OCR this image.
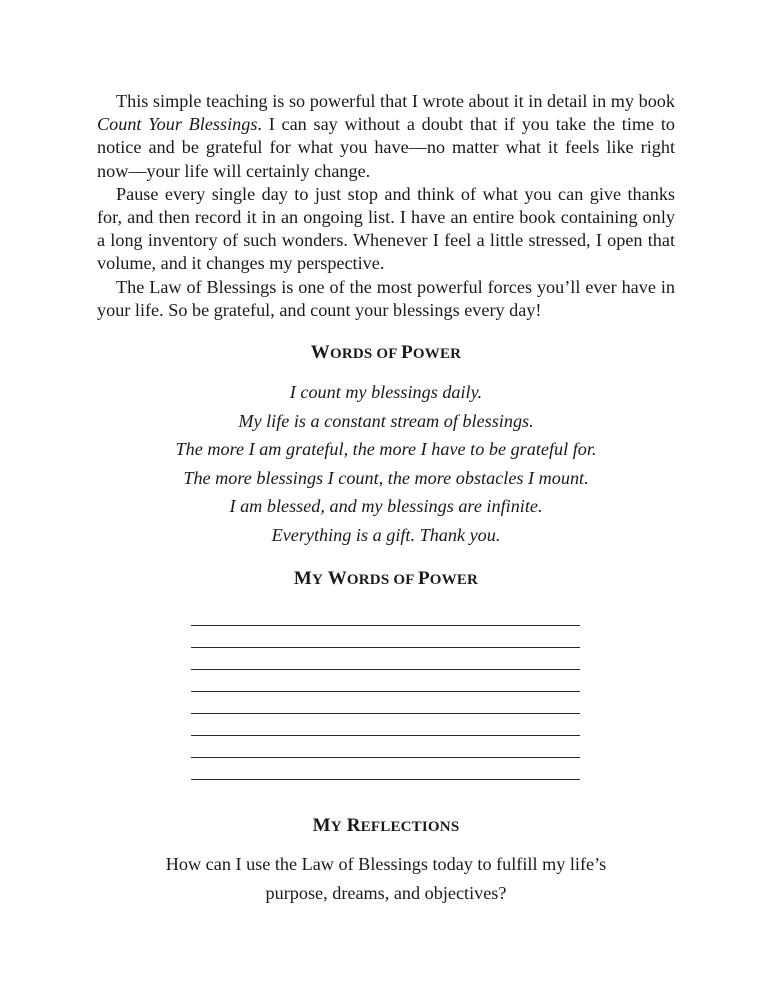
This simple teaching is so powerful that I wrote about it in detail in my book Count Your Blessings. I can say without a doubt that if you take the time to notice and be grateful for what you have—no matter what it feels like right now—your life will certainly change.

Pause every single day to just stop and think of what you can give thanks for, and then record it in an ongoing list. I have an entire book containing only a long inventory of such wonders. Whenever I feel a little stressed, I open that volume, and it changes my perspective.

The Law of Blessings is one of the most powerful forces you’ll ever have in your life. So be grateful, and count your blessings every day!

WORDS OF POWER
I count my blessings daily.
My life is a constant stream of blessings.
The more I am grateful, the more I have to be grateful for.
The more blessings I count, the more obstacles I mount.
I am blessed, and my blessings are infinite.
Everything is a gift. Thank you.
MY WORDS OF POWER
MY REFLECTIONS
How can I use the Law of Blessings today to fulfill my life’s
purpose, dreams, and objectives?
